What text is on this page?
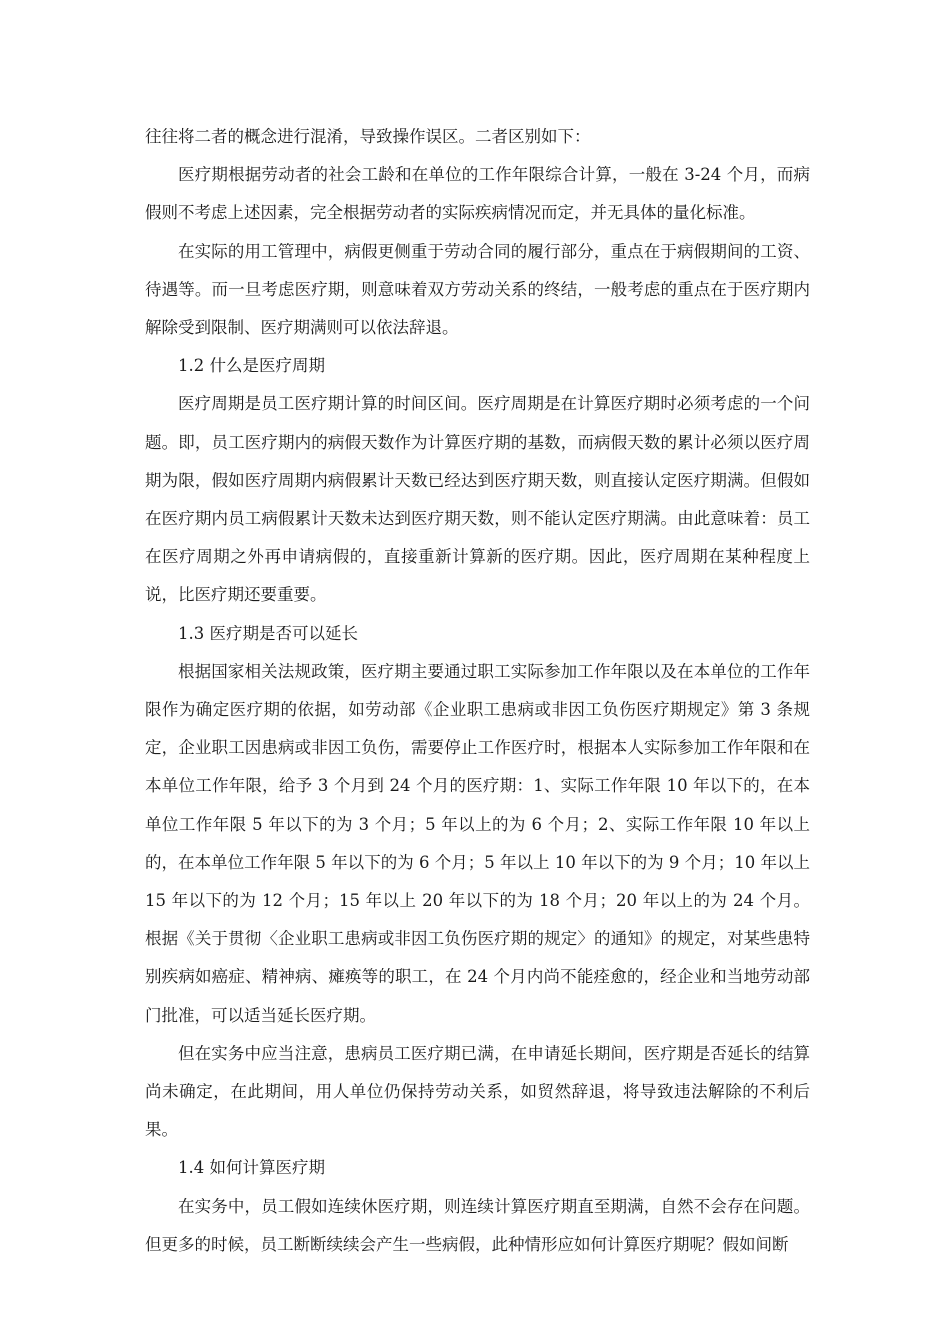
往往将二者的概念进行混淆，导致操作误区。二者区别如下：

医疗期根据劳动者的社会工龄和在单位的工作年限综合计算，一般在 3-24 个月，而病假则不考虑上述因素，完全根据劳动者的实际疾病情况而定，并无具体的量化标准。

在实际的用工管理中，病假更侧重于劳动合同的履行部分，重点在于病假期间的工资、待遇等。而一旦考虑医疗期，则意味着双方劳动关系的终结，一般考虑的重点在于医疗期内解除受到限制、医疗期满则可以依法辞退。

1.2 什么是医疗周期

医疗周期是员工医疗期计算的时间区间。医疗周期是在计算医疗期时必须考虑的一个问题。即，员工医疗期内的病假天数作为计算医疗期的基数，而病假天数的累计必须以医疗周期为限，假如医疗周期内病假累计天数已经达到医疗期天数，则直接认定医疗期满。但假如在医疗期内员工病假累计天数未达到医疗期天数，则不能认定医疗期满。由此意味着：员工在医疗周期之外再申请病假的，直接重新计算新的医疗期。因此，医疗周期在某种程度上说，比医疗期还要重要。

1.3 医疗期是否可以延长

根据国家相关法规政策，医疗期主要通过职工实际参加工作年限以及在本单位的工作年限作为确定医疗期的依据，如劳动部《企业职工患病或非因工负伤医疗期规定》第 3 条规定，企业职工因患病或非因工负伤，需要停止工作医疗时，根据本人实际参加工作年限和在本单位工作年限，给予 3 个月到 24 个月的医疗期：1、实际工作年限 10 年以下的，在本单位工作年限 5 年以下的为 3 个月；5 年以上的为 6 个月；2、实际工作年限 10 年以上的，在本单位工作年限 5 年以下的为 6 个月；5 年以上 10 年以下的为 9 个月；10 年以上 15 年以下的为 12 个月；15 年以上 20 年以下的为 18 个月；20 年以上的为 24 个月。根据《关于贯彻〈企业职工患病或非因工负伤医疗期的规定〉的通知》的规定，对某些患特别疾病如癌症、精神病、瘫痪等的职工，在 24 个月内尚不能痊愈的，经企业和当地劳动部门批准，可以适当延长医疗期。

但在实务中应当注意，患病员工医疗期已满，在申请延长期间，医疗期是否延长的结算尚未确定，在此期间，用人单位仍保持劳动关系，如贸然辞退，将导致违法解除的不利后果。

1.4 如何计算医疗期

在实务中，员工假如连续休医疗期，则连续计算医疗期直至期满，自然不会存在问题。但更多的时候，员工断断续续会产生一些病假，此种情形应如何计算医疗期呢？假如间断
